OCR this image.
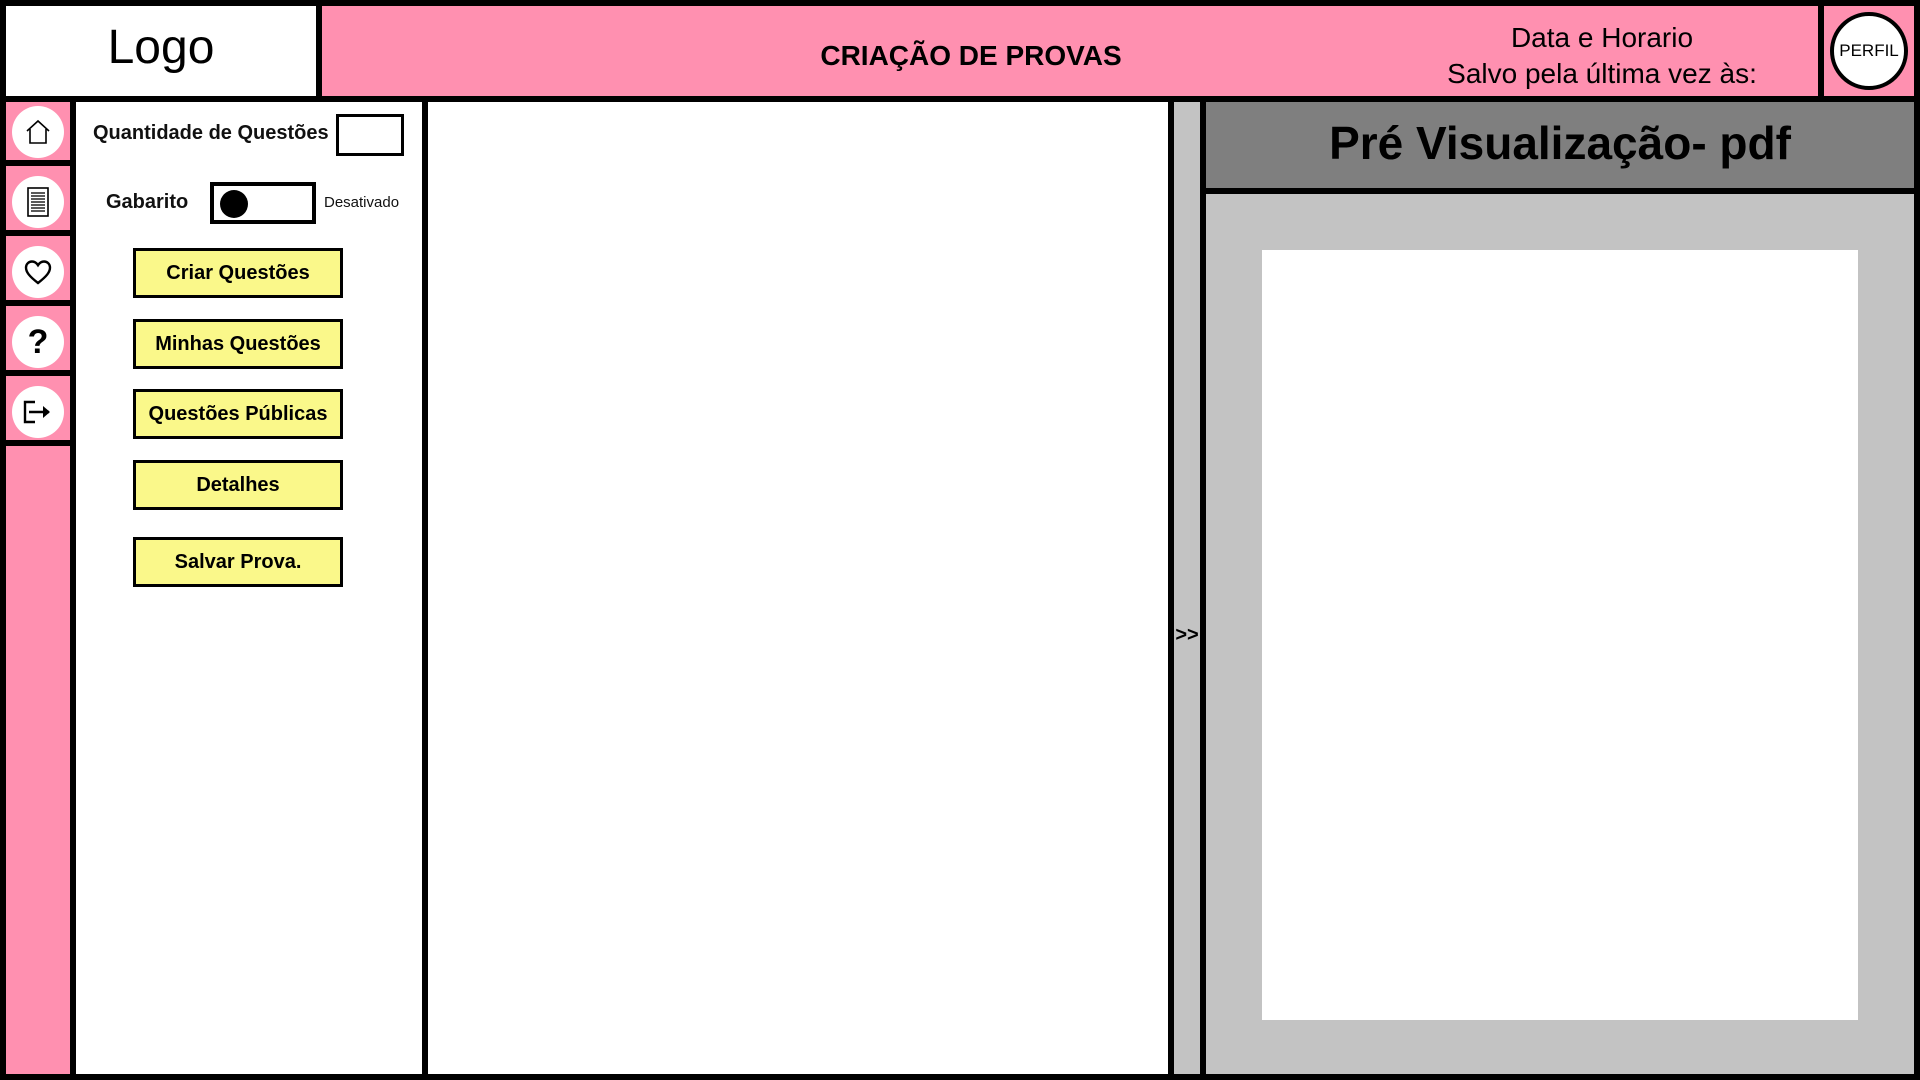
Logo	CRIAÇÃO DE PROVAS
Data e Horario
Salvo pela última vez às:
PERFIL
?
Quantidade de Questões
Gabarito	Desativado
Criar Questões
Minhas Questões
Questões Públicas
Detalhes
Salvar Prova.
>>
Pré Visualização- pdf
